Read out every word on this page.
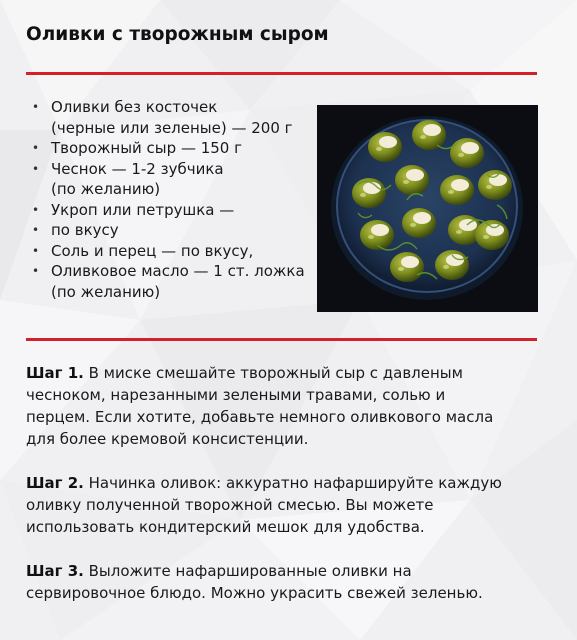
Оливки с творожным сыром
• Оливки без косточек
(черные или зеленые) — 200 г
• Творожный сыр — 150 г
• Чеснок — 1-2 зубчика
(по желанию)
• Укроп или петрушка —
• по вкусу
• Соль и перец — по вкусу,
• Оливковое масло — 1 ст. ложка
(по желанию)

Шаг 1. В миске смешайте творожный сыр с давленым
чесноком, нарезанными зелеными травами, солью и
перцем. Если хотите, добавьте немного оливкового масла
для более кремовой консистенции.

Шаг 2. Начинка оливок: аккуратно нафаршируйте каждую
оливку полученной творожной смесью. Вы можете
использовать кондитерский мешок для удобства.

Шаг 3. Выложите нафаршированные оливки на
сервировочное блюдо. Можно украсить свежей зеленью.
